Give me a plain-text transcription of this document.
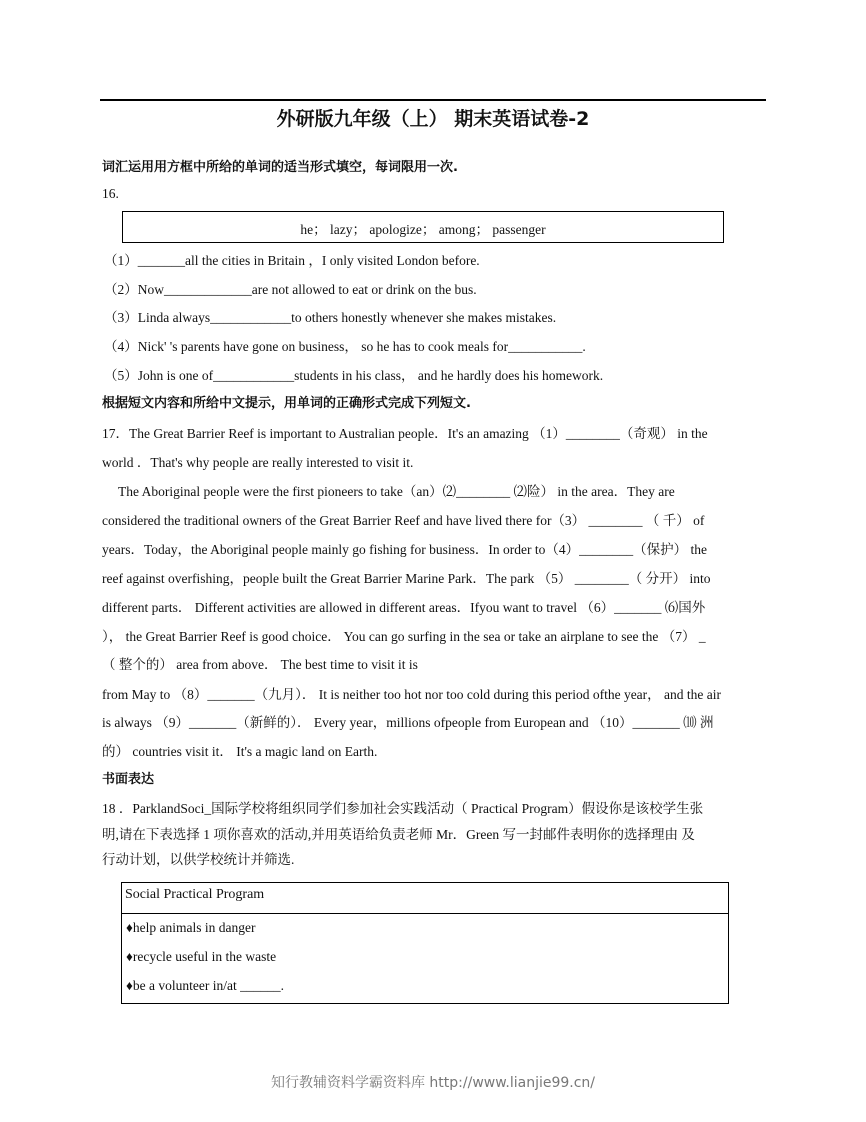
外研版九年级（上） 期末英语试卷-2
词汇运用用方框中所给的单词的适当形式填空，每词限用一次.
16.
he； lazy； apologize； among； passenger
（1）_______all the cities in Britain ，I only visited London before.
（2）Now_____________are not allowed to eat or drink on the bus.
（3）Linda always____________to others honestly whenever she makes mistakes.
（4）Nick' 's parents have gone on business， so he has to cook meals for___________.
（5）John is one of____________students in his class， and he hardly does his homework.
根据短文内容和所给中文提示，用单词的正确形式完成下列短文.
17．The Great Barrier Reef is important to Australian people．It's an amazing （1）________（奇观） in the
world ．That's why people are really interested to visit it.
The Aboriginal people were the first pioneers to take（an）⑵________ ⑵险） in the area．They are
considered the traditional owners of the Great Barrier Reef and have lived there for（3） ________ （ 千） of
years．Today，the Aboriginal people mainly go fishing for business．In order to（4）________（保护） the
reef against overfishing，people built the Great Barrier Marine Park．The park （5） ________（ 分开） into
different parts． Different activities are allowed in different areas．Ifyou want to travel （6）_______ ⑹国外
）， the Great Barrier Reef is good choice． You can go surfing in the sea or take an airplane to see the （7） _
（ 整个的） area from above． The best time to visit it is
from May to （8）_______（九月）． It is neither too hot nor too cold during this period ofthe year， and the air
is always （9）_______（新鲜的）． Every year，millions ofpeople from European and （10）_______ ⑽ 洲
的） countries visit it． It's a magic land on Earth.
书面表达
18 ．ParklandSoci_国际学校将组织同学们参加社会实践活动（ Practical Program）假设你是该校学生张
明,请在下表选择 1 项你喜欢的活动,并用英语给负责老师 Mr．Green 写一封邮件表明你的选择理由 及
行动计划，以供学校统计并筛选.
Social Practical Program
♦help animals in danger
♦recycle useful in the waste
♦be a volunteer in/at ______.
知行教辅资料学霸资料库 http://www.lianjie99.cn/
